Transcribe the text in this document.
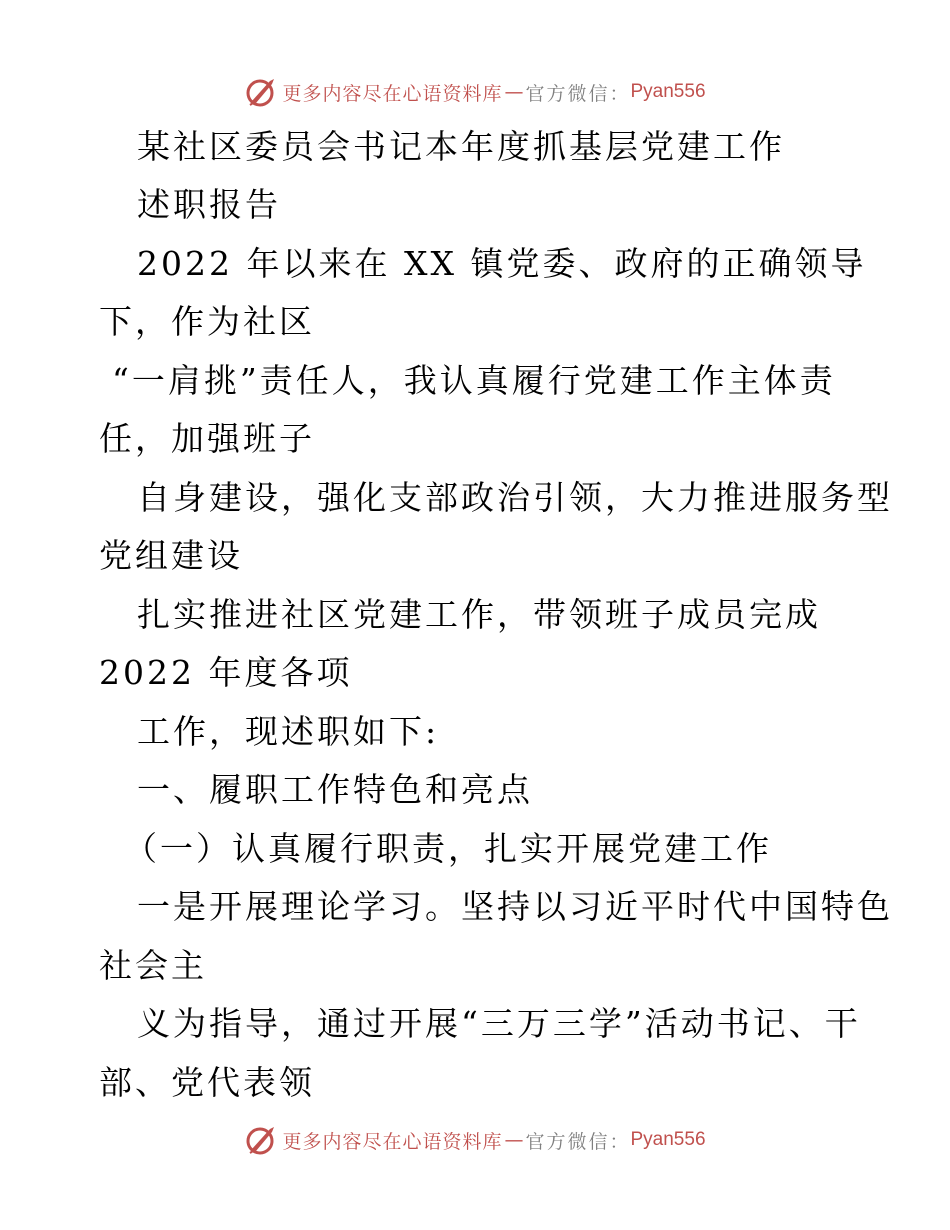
更多内容尽在心语资料库 — 官方微信： Pyan556
某社区委员会书记本年度抓基层党建工作
述职报告
2022 年以来在 XX 镇党委、政府的正确领导
下，作为社区
“一肩挑”责任人，我认真履行党建工作主体责
任，加强班子
自身建设，强化支部政治引领，大力推进服务型
党组建设
扎实推进社区党建工作，带领班子成员完成
2022 年度各项
工作，现述职如下:
一、履职工作特色和亮点
（一）认真履行职责，扎实开展党建工作
一是开展理论学习。坚持以习近平时代中国特色
社会主
义为指导，通过开展“三万三学”活动书记、干
部、党代表领
更多内容尽在心语资料库 — 官方微信： Pyan556
